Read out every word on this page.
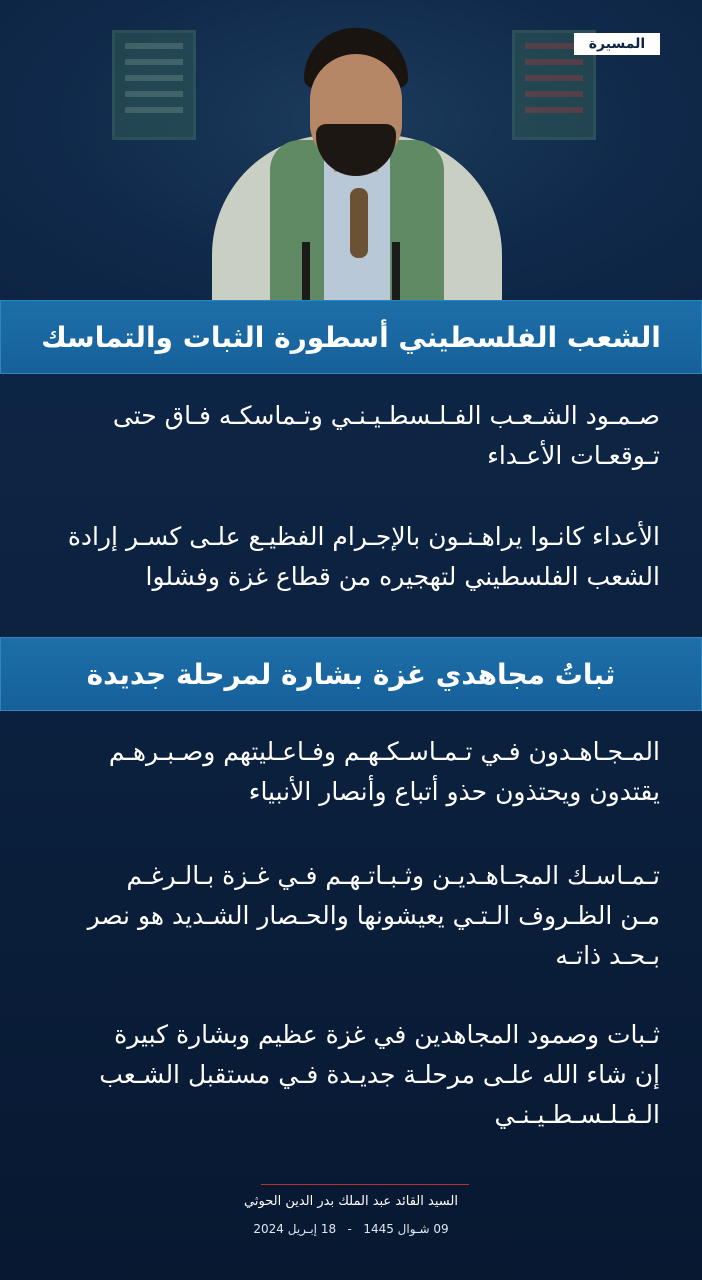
المسيرة
الشعب الفلسطيني أسطورة الثبات والتماسك
صـمـود الشـعـب الفـلـسطـيـنـي وتـماسكـه فـاق حتى
تـوقعـات الأعـداء
الأعداء كانـوا يراهـنـون بالإجـرام الفظيـع علـى كسـر إرادة
الشعب الفلسطيني لتهجيره من قطاع غزة وفشلوا
ثباتُ مجاهدي غزة بشارة لمرحلة جديدة
المـجـاهـدون فـي تـمـاسـكـهـم وفـاعـليتهم وصـبـرهـم
يقتدون ويحتذون حذو أتباع وأنصار الأنبياء
تـمـاسـك المجـاهـديـن وثـبـاتـهـم فـي غـزة بـالـرغـم
مـن الظـروف الـتـي يعيشونها والحـصار الشـديد هو نصر
بـحـد ذاتـه
ثـبات وصمود المجاهدين في غزة عظيم وبشارة كبيرة
إن شاء الله علـى مرحلـة جديـدة فـي مستقبل الشـعب
الـفـلـسـطـيـنـي
السيد القائد عبد الملك بدر الدين الحوثي
09 شـوال 1445   -   18 إبـريل 2024
